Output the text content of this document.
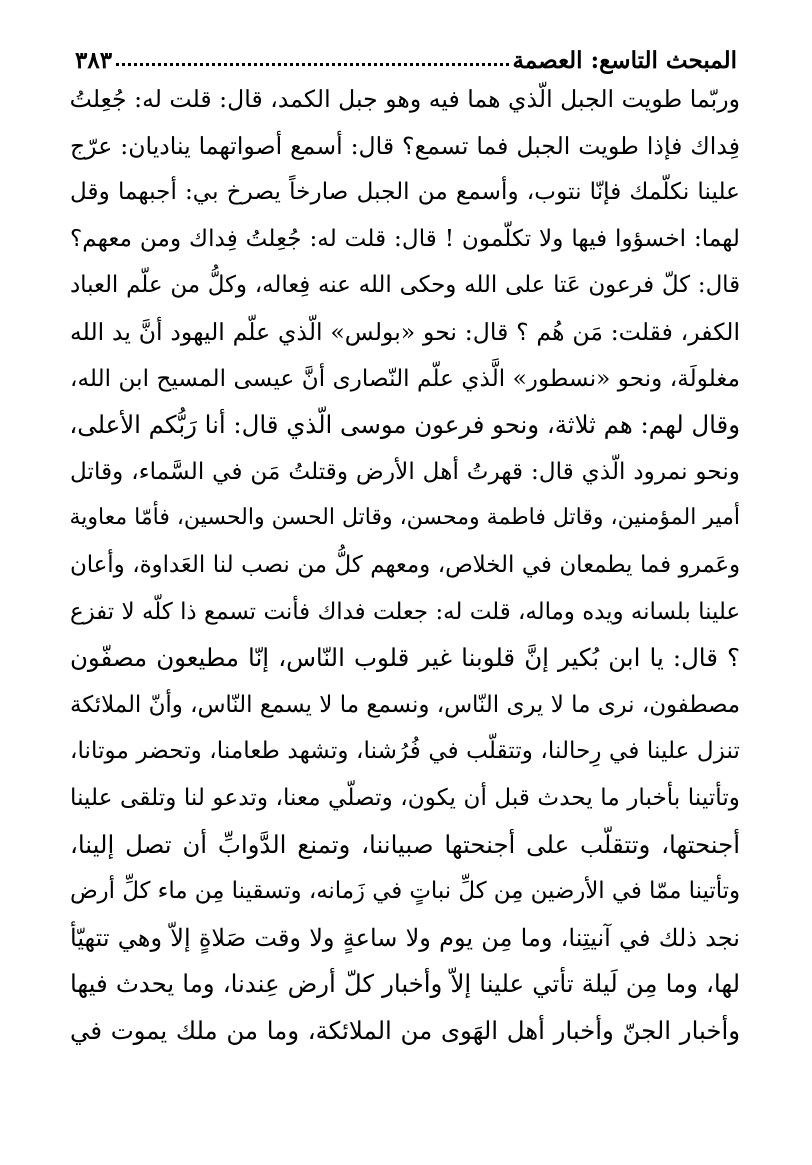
المبحث التاسع: العصمة
٣٨٣
وربّما طويت الجبل الّذي هما فيه وهو جبل الكمد، قال: قلت له: جُعِلتُ
فِداك فإذا طويت الجبل فما تسمع؟ قال: أسمع أصواتهما يناديان: عرّج
علينا نكلّمك فإنّا نتوب، وأسمع من الجبل صارخاً يصرخ بي: أجبهما وقل
لهما: اخسؤوا فيها ولا تكلّمون ! قال: قلت له: جُعِلتُ فِداك ومن معهم؟
قال: كلّ فرعون عَتا على الله وحكى الله عنه فِعاله، وكلُّ من علّم العباد
الكفر، فقلت: مَن هُم ؟ قال: نحو «بولس» الّذي علّم اليهود أنَّ يد الله
مغلولَة، ونحو «نسطور» الَّذي علّم النّصارى أنَّ عيسى المسيح ابن الله،
وقال لهم: هم ثلاثة، ونحو فرعون موسى الّذي قال: أنا رَبُّكم الأعلى،
ونحو نمرود الّذي قال: قهرتُ أهل الأرض وقتلتُ مَن في السَّماء، وقاتل
أمير المؤمنين، وقاتل فاطمة ومحسن، وقاتل الحسن والحسين، فأمّا معاوية
وعَمرو فما يطمعان في الخلاص، ومعهم كلُّ من نصب لنا العَداوة، وأعان
علينا بلسانه ويده وماله، قلت له: جعلت فداك فأنت تسمع ذا كلّه لا تفزع
؟ قال: يا ابن بُكير إنَّ قلوبنا غير قلوب النّاس، إنّا مطيعون مصفّون
مصطفون، نرى ما لا يرى النّاس، ونسمع ما لا يسمع النّاس، وأنّ الملائكة
تنزل علينا في رِحالنا، وتتقلّب في فُرُشنا، وتشهد طعامنا، وتحضر موتانا،
وتأتينا بأخبار ما يحدث قبل أن يكون، وتصلّي معنا، وتدعو لنا وتلقى علينا
أجنحتها، وتتقلّب على أجنحتها صبياننا، وتمنع الدَّوابِّ أن تصل إلينا،
وتأتينا ممّا في الأرضين مِن كلِّ نباتٍ في زَمانه، وتسقينا مِن ماء كلِّ أرض
نجد ذلك في آنيتِنا، وما مِن يوم ولا ساعةٍ ولا وقت صَلاةٍ إلاّ وهي تتهيّأ
لها، وما مِن لَيلة تأتي علينا إلاّ وأخبار كلّ أرض عِندنا، وما يحدث فيها
وأخبار الجنّ وأخبار أهل الهَوى من الملائكة، وما من ملك يموت في
